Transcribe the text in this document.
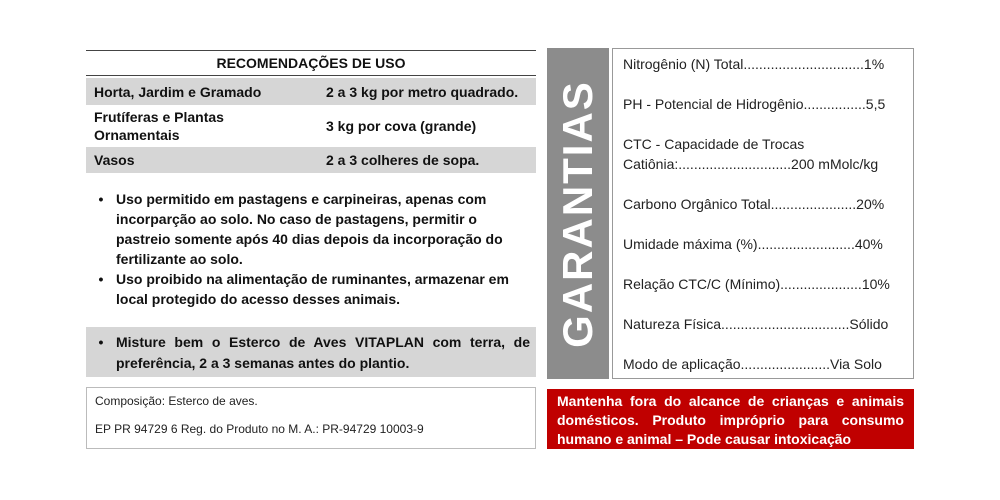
RECOMENDAÇÕES DE USO
Horta, Jardim e Gramado	2 a 3 kg por metro quadrado.
Frutíferas e Plantas Ornamentais
3 kg por cova (grande)
Vasos	2 a 3 colheres de sopa.
• Uso permitido em pastagens e carpineiras, apenas com incorparção ao solo. No caso de pastagens, permitir o pastreio somente após 40 dias depois da incorporação do fertilizante ao solo.
• Uso proibido na alimentação de ruminantes, armazenar em local protegido do acesso desses animais.
• Misture bem o Esterco de Aves VITAPLAN com terra, de preferência, 2 a 3 semanas antes do plantio.
Composição: Esterco de aves.
EP PR 94729 6 Reg. do Produto no M. A.: PR-94729 10003-9
GARANTIAS
Nitrogênio (N) Total...............................1%
PH - Potencial de Hidrogênio................5,5
CTC - Capacidade de Trocas Catiônia:.............................200 mMolc/kg
Carbono Orgânico Total......................20%
Umidade máxima (%).........................40%
Relação CTC/C (Mínimo).....................10%
Natureza Física.................................Sólido
Modo de aplicação.......................Via Solo
Mantenha fora do alcance de crianças e animais domésticos. Produto impróprio para consumo humano e animal – Pode causar intoxicação
